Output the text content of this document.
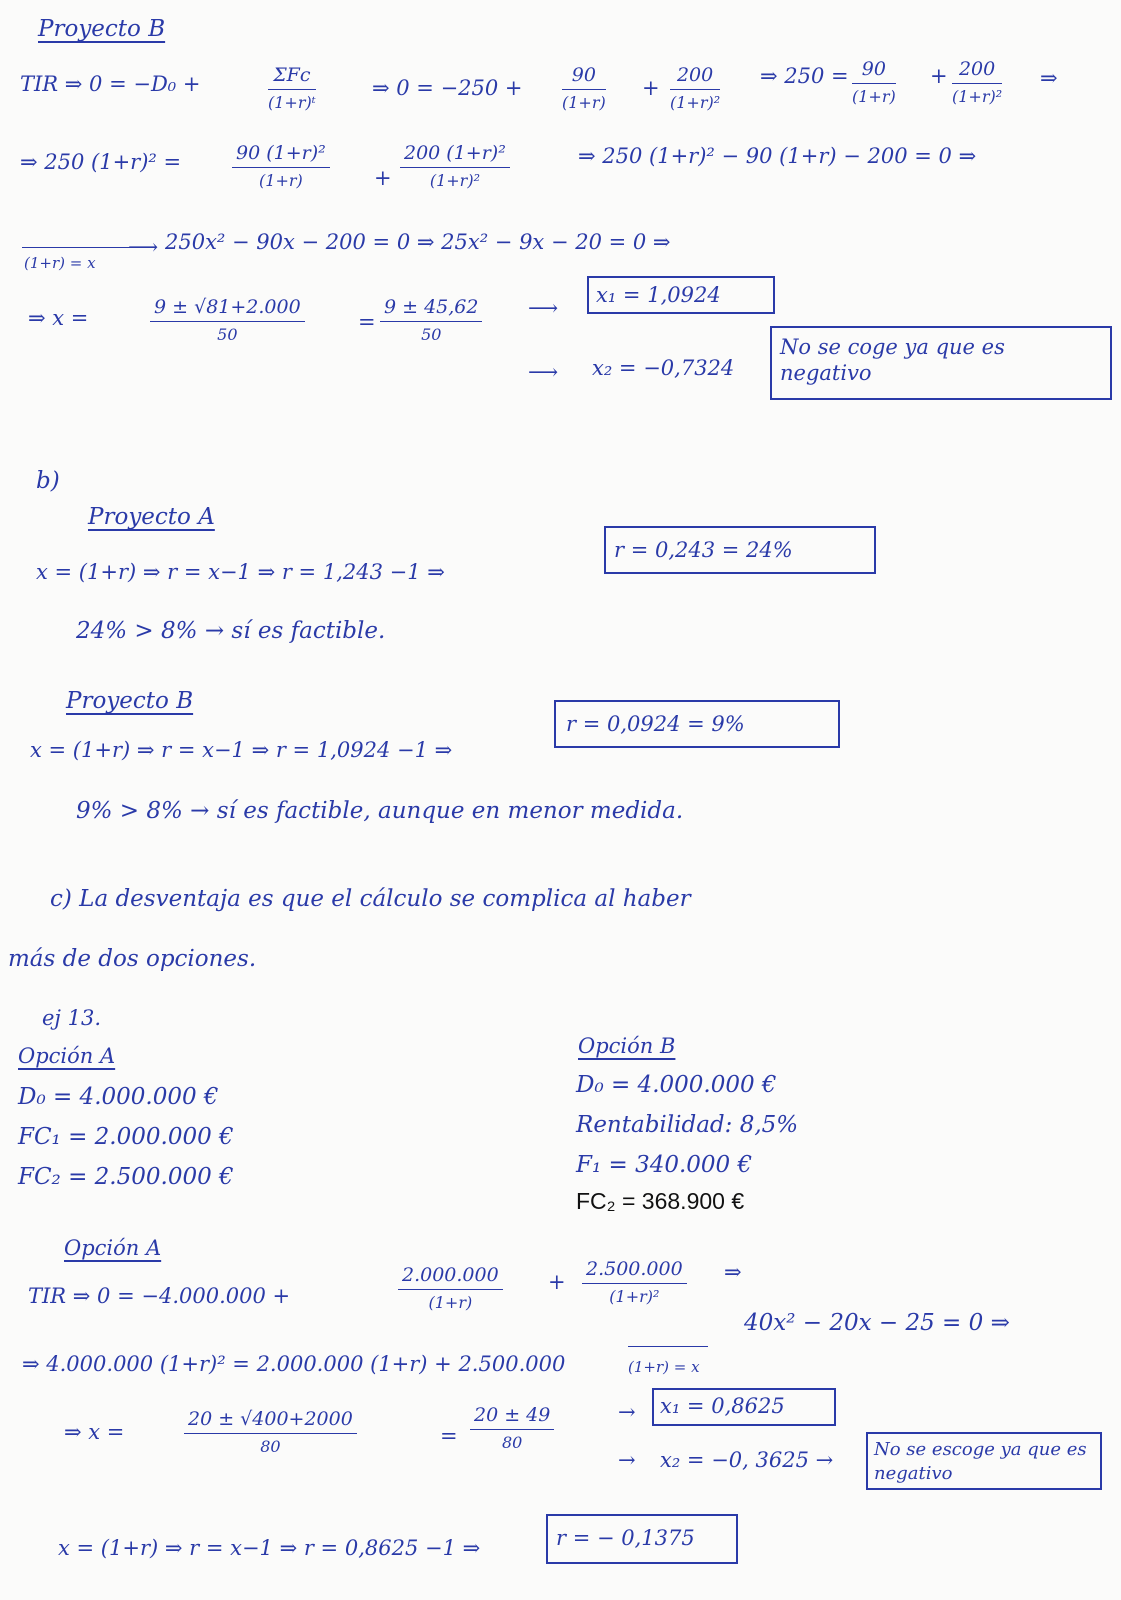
Proyecto B
TIR ⇒ 0 = −D₀ +	ΣFc
(1+r)ᵗ
⇒ 0 = −250 +
90
(1+r)
+
200
(1+r)²
⇒ 250 = 90
(1+r)
+ 200
(1+r)²
⇒
⇒ 250 (1+r)² =	90 (1+r)²
(1+r)	+
200 (1+r)²
(1+r)²
⇒ 250 (1+r)² − 90 (1+r) − 200 = 0 ⇒
(1+r) = x
⟶ 250x² − 90x − 200 = 0 ⇒ 25x² − 9x − 20 = 0 ⇒
⇒ x =	9 ± √81+2.000
50
=
9 ± 45,62
50
⟶
x₁ = 1,0924
⟶ x₂ = −0,7324
No se coge ya que es negativo
b)
Proyecto A
x = (1+r) ⇒ r = x−1 ⇒ r = 1,243 −1 ⇒
r = 0,243 = 24%
24% > 8% → sí es factible.
Proyecto B
x = (1+r) ⇒ r = x−1 ⇒ r = 1,0924 −1 ⇒
r = 0,0924 = 9%
9% > 8% → sí es factible, aunque en menor medida.
c) La desventaja es que el cálculo se complica al haber
más de dos opciones.
ej 13.
Opción A
D₀ = 4.000.000 €
FC₁ = 2.000.000 €
FC₂ = 2.500.000 €
Opción B
D₀ = 4.000.000 €
Rentabilidad: 8,5%
F₁ = 340.000 €
FC₂ = 368.900 €
Opción A
TIR ⇒ 0 = −4.000.000 +
2.000.000
(1+r)
+
2.500.000
(1+r)²
⇒
⇒ 4.000.000 (1+r)² = 2.000.000 (1+r) + 2.500.000	(1+r) = x
40x² − 20x − 25 = 0 ⇒
⇒ x =
20 ± √400+2000
80	=
20 ± 49
80
→ x₁ = 0,8625
→ x₂ = −0, 3625 → No se escoge ya que es negativo
x = (1+r) ⇒ r = x−1 ⇒ r = 0,8625 −1 ⇒	r = − 0,1375
